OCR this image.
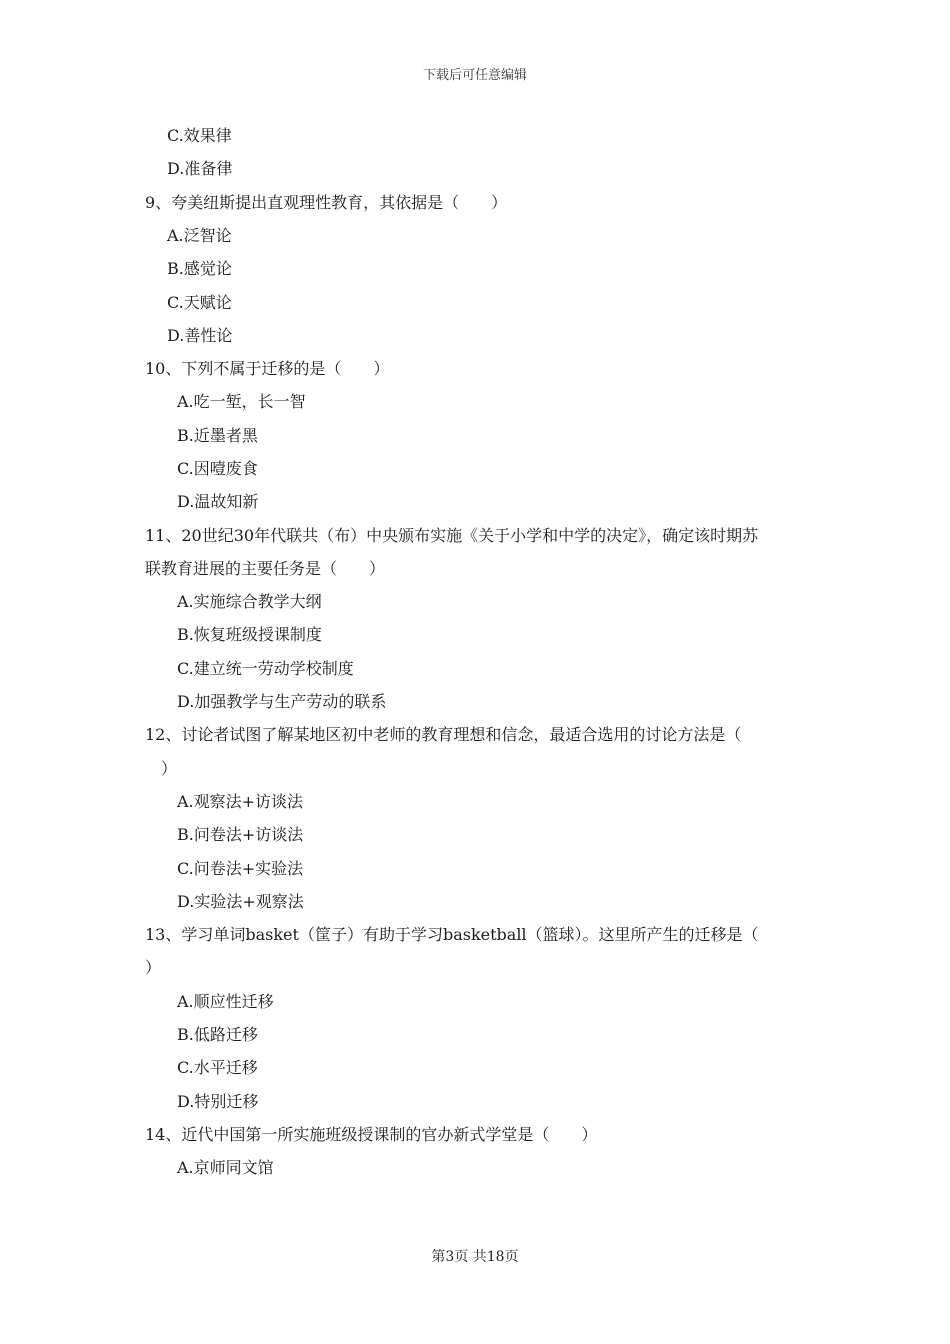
下载后可任意编辑
C.效果律
D.准备律
9、夸美纽斯提出直观理性教育，其依据是（　　）
A.泛智论
B.感觉论
C.天赋论
D.善性论
10、下列不属于迁移的是（　　）
A.吃一堑，长一智
B.近墨者黑
C.因噎废食
D.温故知新
11、20世纪30年代联共（布）中央颁布实施《关于小学和中学的决定》，确定该时期苏
联教育进展的主要任务是（　　）
A.实施综合教学大纲
B.恢复班级授课制度
C.建立统一劳动学校制度
D.加强教学与生产劳动的联系
12、讨论者试图了解某地区初中老师的教育理想和信念，最适合选用的讨论方法是（
　）
A.观察法+访谈法
B.问卷法+访谈法
C.问卷法+实验法
D.实验法+观察法
13、学习单词basket（筐子）有助于学习basketball（篮球）。这里所产生的迁移是（
）
A.顺应性迁移
B.低路迁移
C.水平迁移
D.特别迁移
14、近代中国第一所实施班级授课制的官办新式学堂是（　　）
A.京师同文馆
第3页 共18页
